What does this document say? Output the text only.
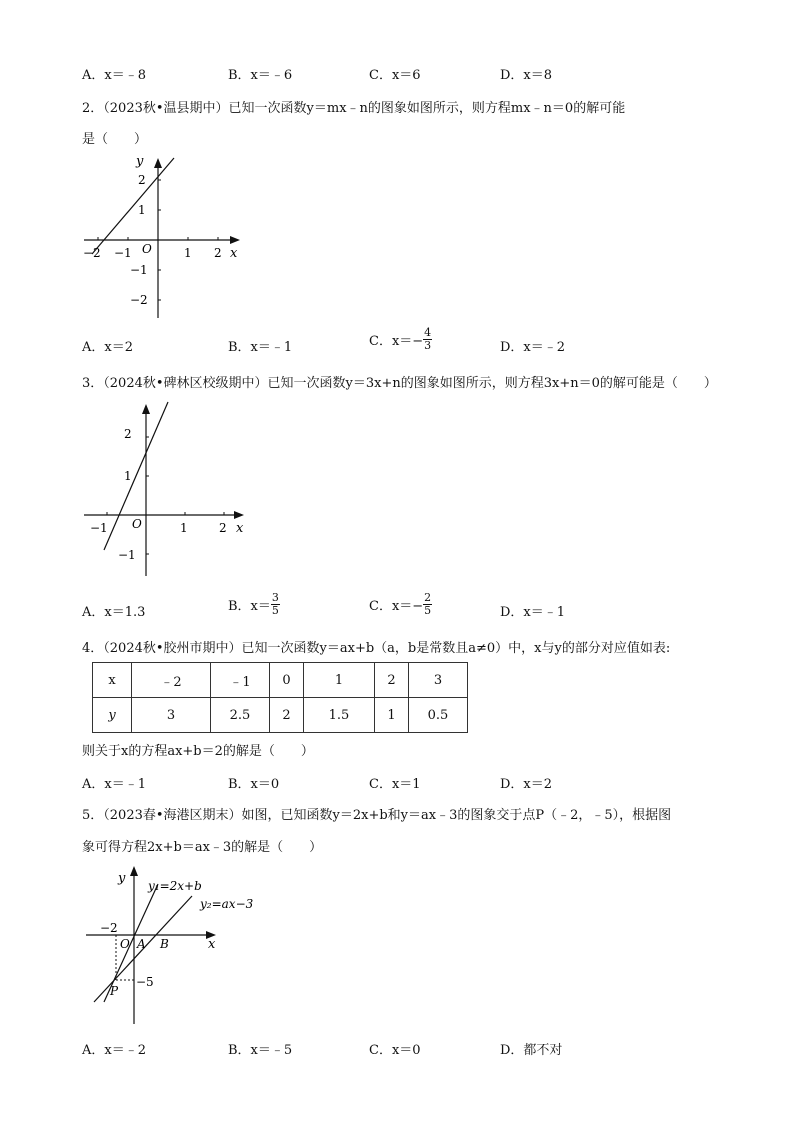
A．x＝﹣8	B．x＝﹣6	C．x＝6	D．x＝8
2．（2023秋•温县期中）已知一次函数y＝mx﹣n的图象如图所示，则方程mx﹣n＝0的解可能
是（　　）
y
x
O
−2 −1	1 2
2
1
−1
−2
A．x＝2	B．x＝﹣1	C．$x=- \frac{4}{3}$	D．x＝﹣2
3．（2024秋•碑林区校级期中）已知一次函数y＝3x+n的图象如图所示，则方程3x+n＝0的解可能是（　　）
2
1
−1
−1	1	2
O	x
A．x＝1.3	B．$x= \frac{3}{5}$	C．$x=- \frac{2}{5}$	D．x＝﹣1
4．（2024秋•胶州市期中）已知一次函数y＝ax+b（a，b是常数且a≠0）中，x与y的部分对应值如表:
x	﹣2	﹣1	0	1	2	3
y	3	2.5	2	1.5	1	0.5
则关于x的方程ax+b＝2的解是（　　）
A．x＝﹣1	B．x＝0	C．x＝1	D．x＝2
5．（2023春•海港区期末）如图，已知函数y＝2x+b和y＝ax﹣3的图象交于点P（﹣2，﹣5），根据图
象可得方程2x+b＝ax﹣3的解是（　　）
y
x
y₁=2x+b
y₂=ax−3
O A B
P
−2
−5
A．x＝﹣2	B．x＝﹣5	C．x＝0	D．都不对
